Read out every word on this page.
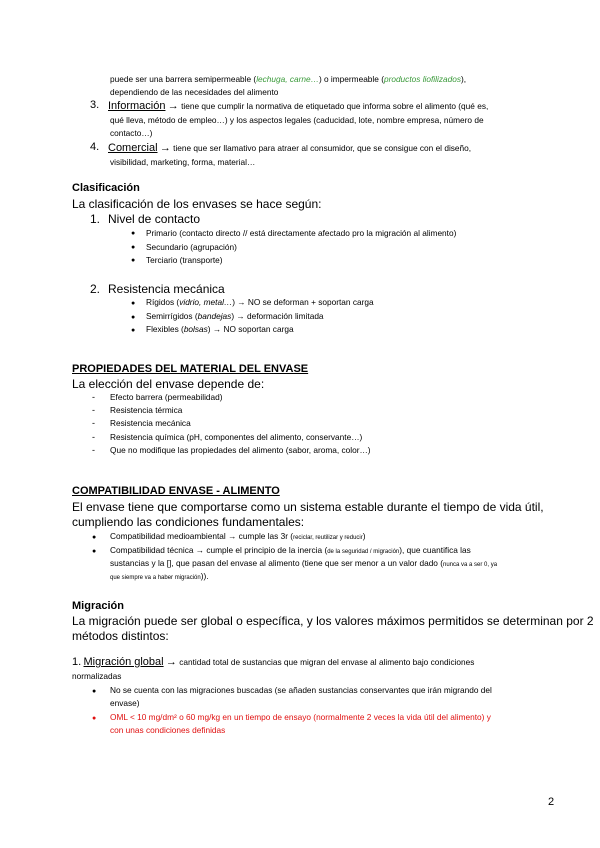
puede ser una barrera semipermeable (lechuga, carne…) o impermeable (productos liofilizados),
dependiendo de las necesidades del alimento
3. Información → tiene que cumplir la normativa de etiquetado que informa sobre el alimento (qué es,
qué lleva, método de empleo…) y los aspectos legales (caducidad, lote, nombre empresa, número de
contacto…)
4. Comercial → tiene que ser llamativo para atraer al consumidor, que se consigue con el diseño,
visibilidad, marketing, forma, material…
Clasificación
La clasificación de los envases se hace según:
1. Nivel de contacto
● Primario (contacto directo // está directamente afectado pro la migración al alimento)
● Secundario (agrupación)
● Terciario (transporte)
2. Resistencia mecánica
● Rígidos (vidrio, metal…) → NO se deforman + soportan carga
● Semirrígidos (bandejas) → deformación limitada
● Flexibles (bolsas) → NO soportan carga
PROPIEDADES DEL MATERIAL DEL ENVASE
La elección del envase depende de:
- Efecto barrera (permeabilidad)
- Resistencia térmica
- Resistencia mecánica
- Resistencia química (pH, componentes del alimento, conservante…)
- Que no modifique las propiedades del alimento (sabor, aroma, color…)
COMPATIBILIDAD ENVASE - ALIMENTO
El envase tiene que comportarse como un sistema estable durante el tiempo de vida útil,
cumpliendo las condiciones fundamentales:
● Compatibilidad medioambiental → cumple las 3r (reciclar, reutilizar y reducir)
● Compatibilidad técnica → cumple el principio de la inercia (de la seguridad / migración), que cuantifica las
sustancias y la [], que pasan del envase al alimento (tiene que ser menor a un valor dado (nunca va a ser 0, ya
que siempre va a haber migración)).
Migración
La migración puede ser global o específica, y los valores máximos permitidos se determinan por 2
métodos distintos:
1. Migración global → cantidad total de sustancias que migran del envase al alimento bajo condiciones
normalizadas
● No se cuenta con las migraciones buscadas (se añaden sustancias conservantes que irán migrando del
envase)
● OML < 10 mg/dm² o 60 mg/kg en un tiempo de ensayo (normalmente 2 veces la vida útil del alimento) y
con unas condiciones definidas
2
